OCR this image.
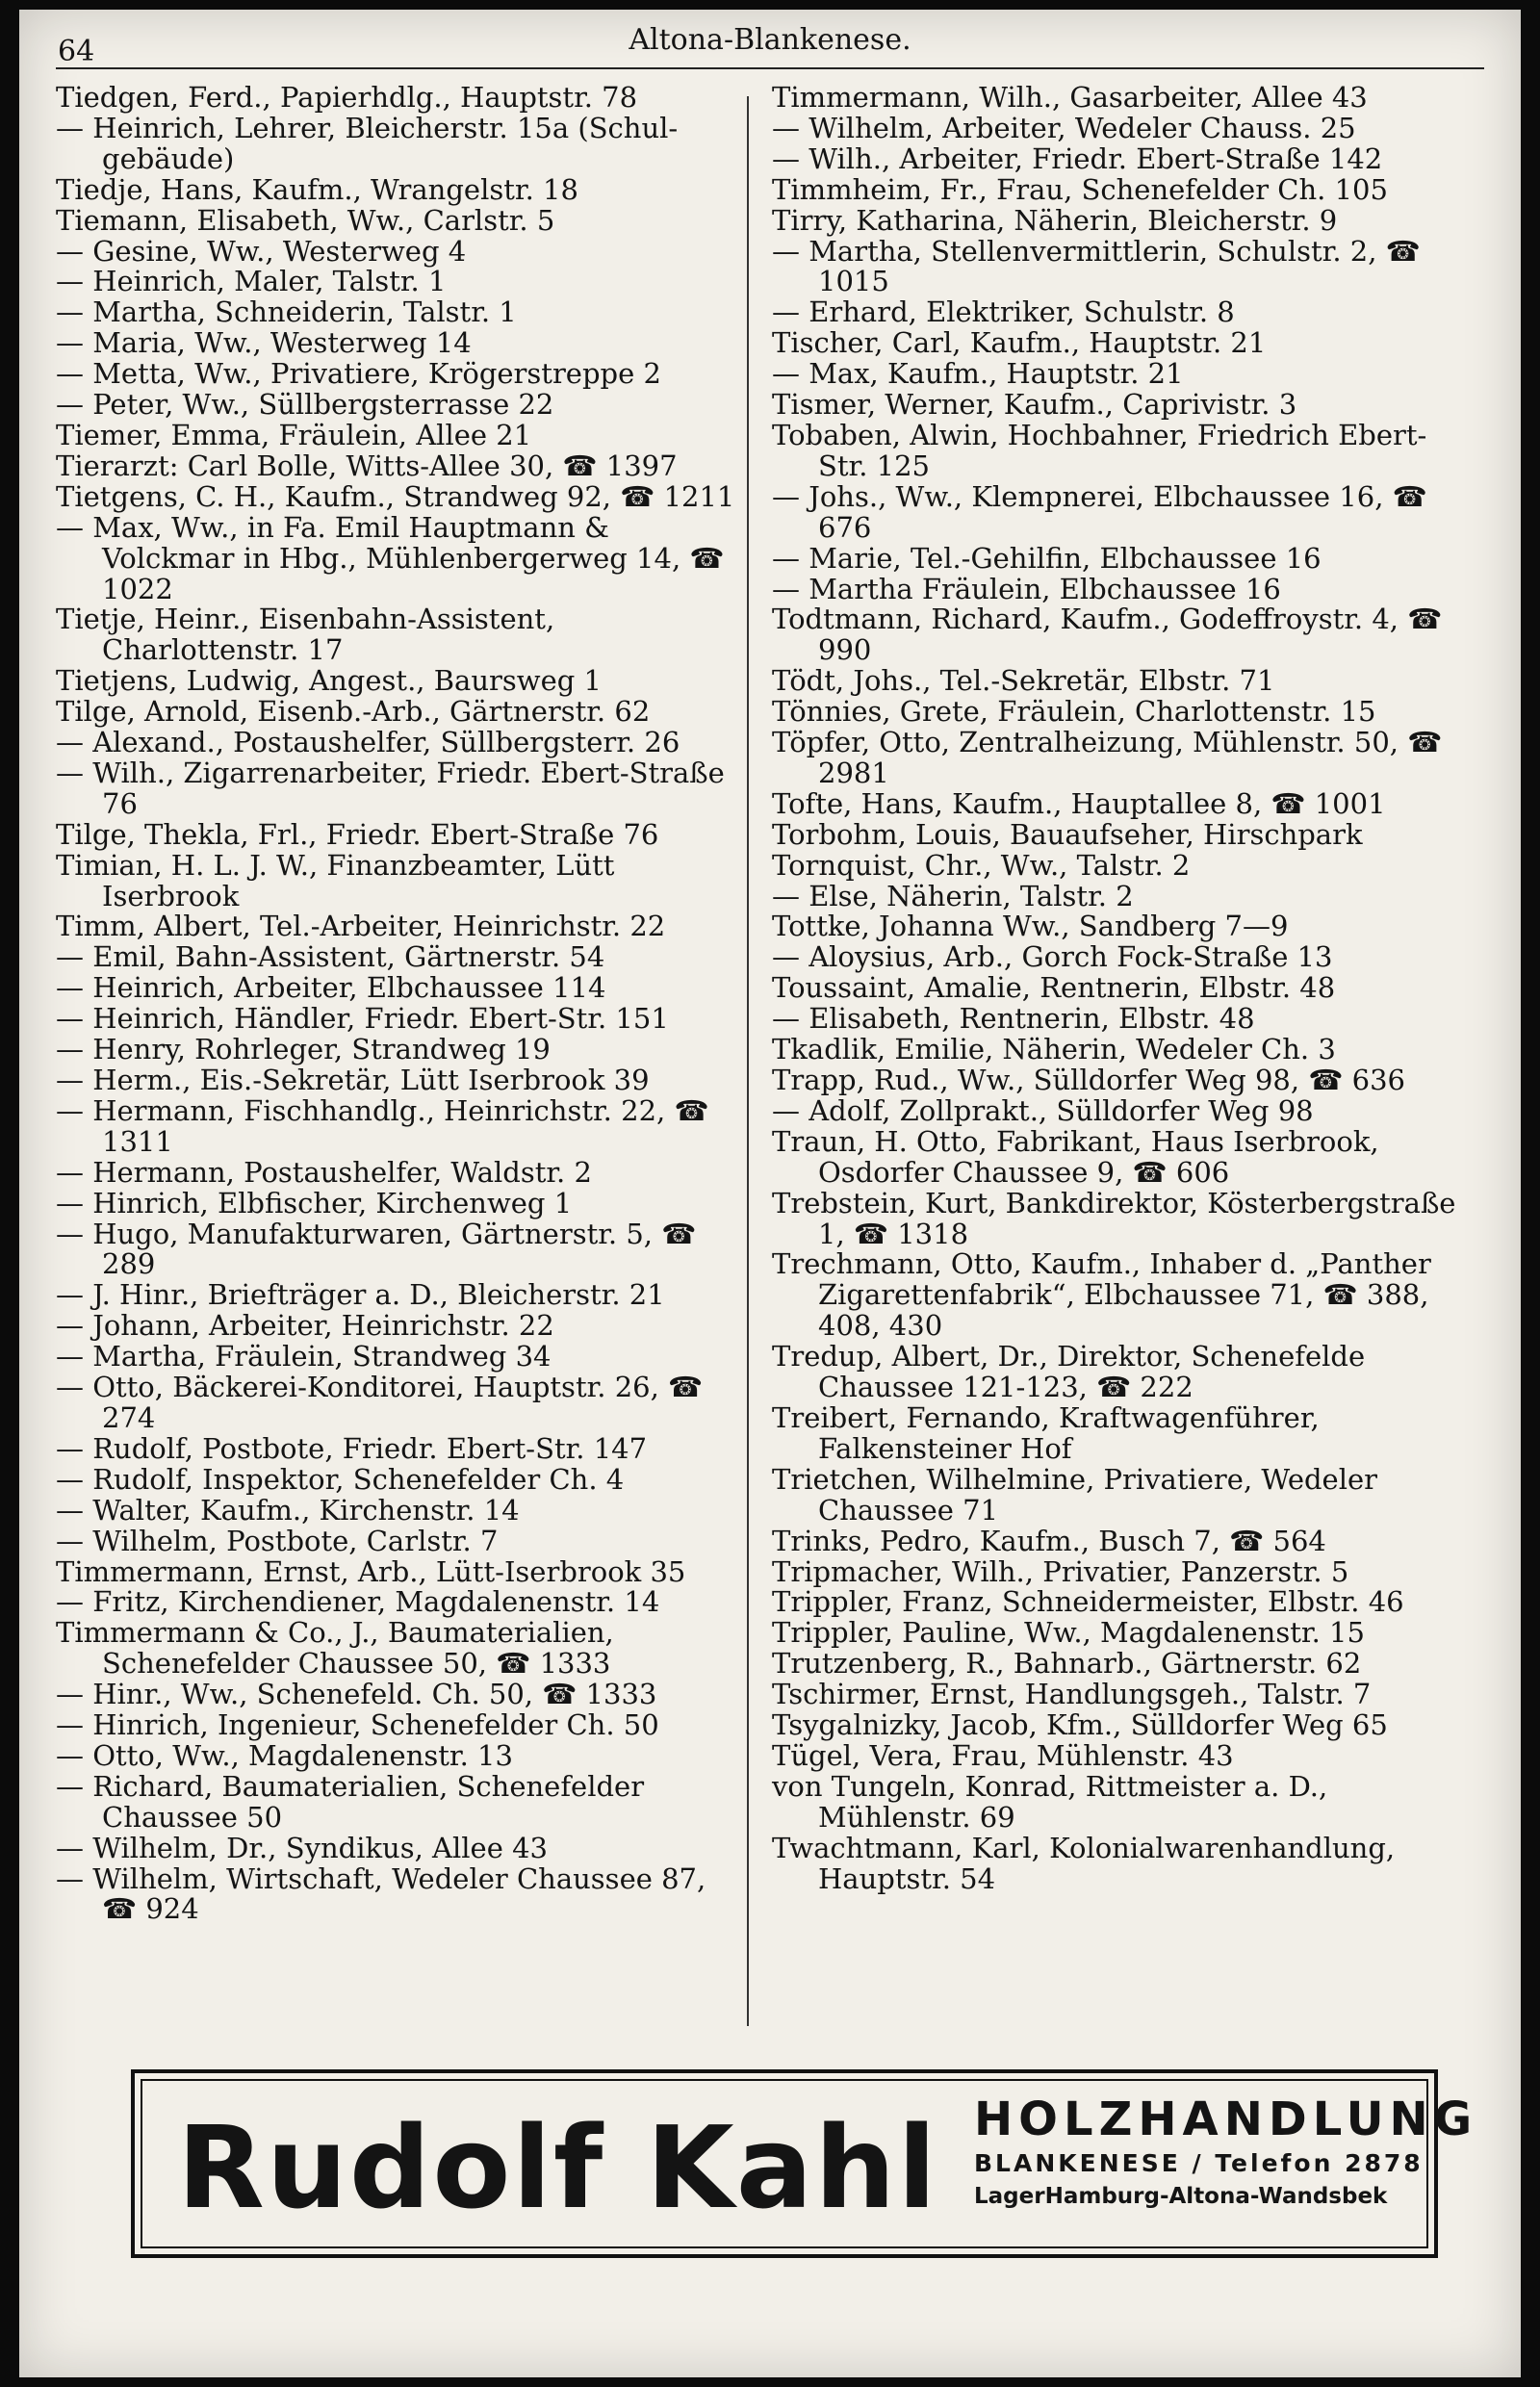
64	Altona-Blankenese.

Tiedgen, Ferd., Papierhdlg., Hauptstr. 78

— Heinrich, Lehrer, Bleicherstr. 15a (Schul-gebäude)

Tiedje, Hans, Kaufm., Wrangelstr. 18

Tiemann, Elisabeth, Ww., Carlstr. 5

— Gesine, Ww., Westerweg 4

— Heinrich, Maler, Talstr. 1

— Martha, Schneiderin, Talstr. 1

— Maria, Ww., Westerweg 14

— Metta, Ww., Privatiere, Krögerstreppe 2

— Peter, Ww., Süllbergsterrasse 22

Tiemer, Emma, Fräulein, Allee 21

Tierarzt: Carl Bolle, Witts-Allee 30, ☎ 1397

Tietgens, C. H., Kaufm., Strandweg 92, ☎ 1211

— Max, Ww., in Fa. Emil Hauptmann & Volckmar in Hbg., Mühlenbergerweg 14, ☎ 1022

Tietje, Heinr., Eisenbahn-Assistent, Charlottenstr. 17

Tietjens, Ludwig, Angest., Baursweg 1

Tilge, Arnold, Eisenb.-Arb., Gärtnerstr. 62

— Alexand., Postaushelfer, Süllbergsterr. 26

— Wilh., Zigarrenarbeiter, Friedr. Ebert-Straße 76

Tilge, Thekla, Frl., Friedr. Ebert-Straße 76

Timian, H. L. J. W., Finanzbeamter, Lütt Iserbrook

Timm, Albert, Tel.-Arbeiter, Heinrichstr. 22

— Emil, Bahn-Assistent, Gärtnerstr. 54

— Heinrich, Arbeiter, Elbchaussee 114

— Heinrich, Händler, Friedr. Ebert-Str. 151

— Henry, Rohrleger, Strandweg 19

— Herm., Eis.-Sekretär, Lütt Iserbrook 39

— Hermann, Fischhandlg., Heinrichstr. 22, ☎ 1311

— Hermann, Postaushelfer, Waldstr. 2

— Hinrich, Elbfischer, Kirchenweg 1

— Hugo, Manufakturwaren, Gärtnerstr. 5, ☎ 289

— J. Hinr., Briefträger a. D., Bleicherstr. 21

— Johann, Arbeiter, Heinrichstr. 22

— Martha, Fräulein, Strandweg 34

— Otto, Bäckerei-Konditorei, Hauptstr. 26, ☎ 274

— Rudolf, Postbote, Friedr. Ebert-Str. 147

— Rudolf, Inspektor, Schenefelder Ch. 4

— Walter, Kaufm., Kirchenstr. 14

— Wilhelm, Postbote, Carlstr. 7

Timmermann, Ernst, Arb., Lütt-Iserbrook 35

— Fritz, Kirchendiener, Magdalenenstr. 14

Timmermann & Co., J., Baumaterialien, Schenefelder Chaussee 50, ☎ 1333

— Hinr., Ww., Schenefeld. Ch. 50, ☎ 1333

— Hinrich, Ingenieur, Schenefelder Ch. 50

— Otto, Ww., Magdalenenstr. 13

— Richard, Baumaterialien, Schenefelder Chaussee 50

— Wilhelm, Dr., Syndikus, Allee 43

— Wilhelm, Wirtschaft, Wedeler Chaussee 87, ☎ 924

Timmermann, Wilh., Gasarbeiter, Allee 43

— Wilhelm, Arbeiter, Wedeler Chauss. 25

— Wilh., Arbeiter, Friedr. Ebert-Straße 142

Timmheim, Fr., Frau, Schenefelder Ch. 105

Tirry, Katharina, Näherin, Bleicherstr. 9

— Martha, Stellenvermittlerin, Schulstr. 2, ☎ 1015

— Erhard, Elektriker, Schulstr. 8

Tischer, Carl, Kaufm., Hauptstr. 21

— Max, Kaufm., Hauptstr. 21

Tismer, Werner, Kaufm., Caprivistr. 3

Tobaben, Alwin, Hochbahner, Friedrich Ebert-Str. 125

— Johs., Ww., Klempnerei, Elbchaussee 16, ☎ 676

— Marie, Tel.-Gehilfin, Elbchaussee 16

— Martha Fräulein, Elbchaussee 16

Todtmann, Richard, Kaufm., Godeffroystr. 4, ☎ 990

Tödt, Johs., Tel.-Sekretär, Elbstr. 71

Tönnies, Grete, Fräulein, Charlottenstr. 15

Töpfer, Otto, Zentralheizung, Mühlenstr. 50, ☎ 2981

Tofte, Hans, Kaufm., Hauptallee 8, ☎ 1001

Torbohm, Louis, Bauaufseher, Hirschpark

Tornquist, Chr., Ww., Talstr. 2

— Else, Näherin, Talstr. 2

Tottke, Johanna Ww., Sandberg 7—9

— Aloysius, Arb., Gorch Fock-Straße 13

Toussaint, Amalie, Rentnerin, Elbstr. 48

— Elisabeth, Rentnerin, Elbstr. 48

Tkadlik, Emilie, Näherin, Wedeler Ch. 3

Trapp, Rud., Ww., Sülldorfer Weg 98, ☎ 636

— Adolf, Zollprakt., Sülldorfer Weg 98

Traun, H. Otto, Fabrikant, Haus Iserbrook, Osdorfer Chaussee 9, ☎ 606

Trebstein, Kurt, Bankdirektor, Kösterbergstraße 1, ☎ 1318

Trechmann, Otto, Kaufm., Inhaber d. „Panther Zigarettenfabrik“, Elbchaussee 71, ☎ 388, 408, 430

Tredup, Albert, Dr., Direktor, Schenefelde Chaussee 121-123, ☎ 222

Treibert, Fernando, Kraftwagenführer, Falkensteiner Hof

Trietchen, Wilhelmine, Privatiere, Wedeler Chaussee 71

Trinks, Pedro, Kaufm., Busch 7, ☎ 564

Tripmacher, Wilh., Privatier, Panzerstr. 5

Trippler, Franz, Schneidermeister, Elbstr. 46

Trippler, Pauline, Ww., Magdalenenstr. 15

Trutzenberg, R., Bahnarb., Gärtnerstr. 62

Tschirmer, Ernst, Handlungsgeh., Talstr. 7

Tsygalnizky, Jacob, Kfm., Sülldorfer Weg 65

Tügel, Vera, Frau, Mühlenstr. 43

von Tungeln, Konrad, Rittmeister a. D., Mühlenstr. 69

Twachtmann, Karl, Kolonialwarenhandlung, Hauptstr. 54

Rudolf Kahl HOLZHANDLUNG
BLANKENESE / Telefon 2878
LagerHamburg-Altona-Wandsbek
